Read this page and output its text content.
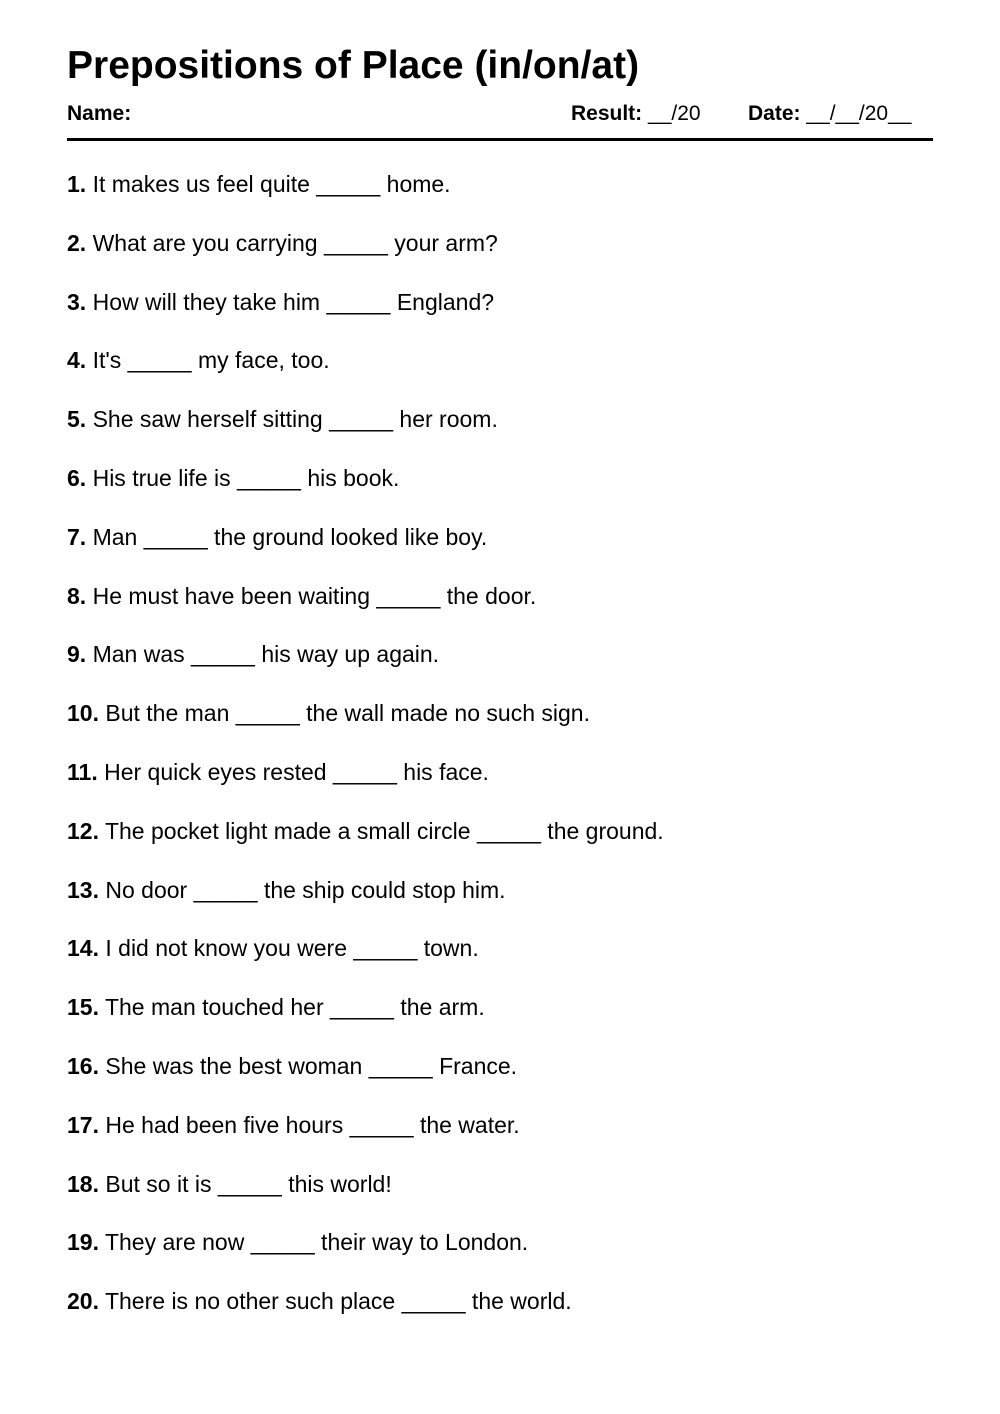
Prepositions of Place (in/on/at)
Name:	Result: __/20 Date: __/__/20__
1. It makes us feel quite _____ home.
2. What are you carrying _____ your arm?
3. How will they take him _____ England?
4. It's _____ my face, too.
5. She saw herself sitting _____ her room.
6. His true life is _____ his book.
7. Man _____ the ground looked like boy.
8. He must have been waiting _____ the door.
9. Man was _____ his way up again.
10. But the man _____ the wall made no such sign.
11. Her quick eyes rested _____ his face.
12. The pocket light made a small circle _____ the ground.
13. No door _____ the ship could stop him.
14. I did not know you were _____ town.
15. The man touched her _____ the arm.
16. She was the best woman _____ France.
17. He had been five hours _____ the water.
18. But so it is _____ this world!
19. They are now _____ their way to London.
20. There is no other such place _____ the world.
